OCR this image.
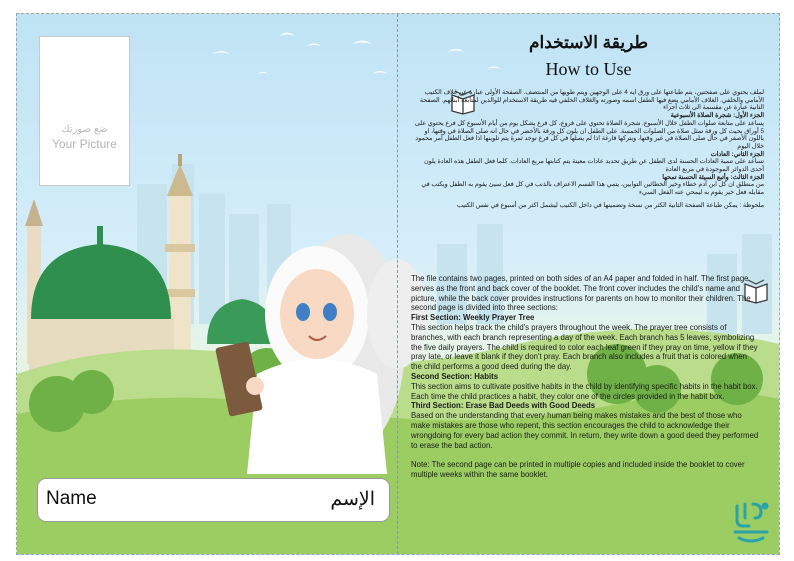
ضع صورتك
Your Picture
Name	الإسم
طريقة الاستخدام
How to Use

لملف يحتوي على صفحتين، يتم طباعتها على ورق ايه 4 على الوجهين ويتم طويها من المنتصف. الصفحة الأولى عبارة عن غلاف الكتيب الأمامي والخلفي. الغلاف الأمامي يضع فيها الطفل اسمه وصورته والغلاف الخلفي فيه طريقة الاستخدام للوالدين لمتابعة أبنائهم. الصفحة الثانية عبارة عن مقسمة الى ثلاث أجزاء

الجزء الأول: شجرة الصلاة الأسبوعية

يساعد على متابعة صلوات الطفل خلال الأسبوع. شجرة الصلاة تحتوي على فروع، كل فرع يشكل يوم من أيام الأسبوع كل فرع يحتوي على 5 أوراق بحيث كل ورقة تمثل صلاة من الصلوات الخمسة. على الطفل ان يلون كل ورقة بالأخضر في حال انه صلى الصلاة في وقتها، او باللون الأصفر في حال صلى الصلاة في غير وقتها، ويتركها فارغة اذا لم يصلها في كل فرع توجد ثمرة يتم تلوينها اذا فعل الطفل أمر محمود خلال اليوم

الجزء الثاني: العادات

تساعد على تنمية العادات الحسنة لدى الطفل عن طريق تحديد عادات معينة يتم كتابتها مربع العادات. كلما فعل الطفل هذه العادة يلون أحدى الدوائر الموجودة في مربع العادة

الجزء الثالث: وأتبع السيئة الحسنة تمحها

من منطلق ان كل ابن آدم خطاء وخير الخطائين التوابين، يتمي هذا القسم الاعتراف بالذنب في كل فعل سيئ يقوم به الطفل ويكتب في مقابله فعل خير يقوم به ليمحي عنه الفعل السيء

ملحوظة : يمكن طباعة الصفحة الثانية الكثر من نسخة وتضمينها في داخل الكتيب ليشمل اكثر من أسبوع في نفس الكتيب

The file contains two pages, printed on both sides of an A4 paper and folded in half. The first page serves as the front and back cover of the booklet. The front cover includes the child's name and picture, while the back cover provides instructions for parents on how to monitor their children. The second page is divided into three sections:

First Section: Weekly Prayer Tree

This section helps track the child's prayers throughout the week. The prayer tree consists of branches, with each branch representing a day of the week. Each branch has 5 leaves, symbolizing the five daily prayers. The child is required to color each leaf green if they pray on time, yellow if they pray late, or leave it blank if they don't pray. Each branch also includes a fruit that is colored when the child performs a good deed during the day.

Second Section: Habits

This section aims to cultivate positive habits in the child by identifying specific habits in the habit box. Each time the child practices a habit, they color one of the circles provided in the habit box.

Third Section: Erase Bad Deeds with Good Deeds

Based on the understanding that every human being makes mistakes and the best of those who make mistakes are those who repent, this section encourages the child to acknowledge their wrongdoing for every bad action they commit. In return, they write down a good deed they performed to erase the bad action.

Note: The second page can be printed in multiple copies and included inside the booklet to cover multiple weeks within the same booklet.
